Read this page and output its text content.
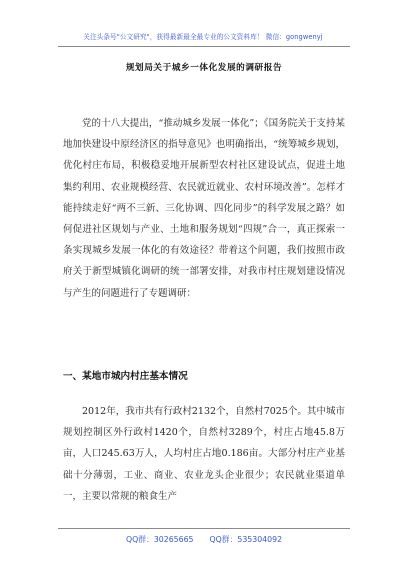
关注头条号"公文研究"，获得最新最全最专业的公文资料库！ 微信：gongwenyj
规划局关于城乡一体化发展的调研报告

党的十八大提出，“推动城乡发展一体化”；《国务院关于支持某地加快建设中原经济区的指导意见》也明确指出，“统筹城乡规划，优化村庄布局，积极稳妥地开展新型农村社区建设试点，促进土地集约利用、农业规模经营、农民就近就业、农村环境改善”。怎样才能持续走好“两不三新、三化协调、四化同步”的科学发展之路？如何促进社区规划与产业、土地和服务规划“四规”合一，真正探索一条实现城乡发展一体化的有效途径？带着这个问题，我们按照市政府关于新型城镇化调研的统一部署安排，对我市村庄规划建设情况与产生的问题进行了专题调研：

一、某地市城内村庄基本情况

2012年，我市共有行政村2132个，自然村7025个。其中城市规划控制区外行政村1420个，自然村3289个，村庄占地45.8万亩，人口245.63万人，人均村庄占地0.186亩。大部分村庄产业基础十分薄弱，工业、商业、农业龙头企业很少；农民就业渠道单一，主要以常规的粮食生产

QQ群：30265665 QQ群：535304092
